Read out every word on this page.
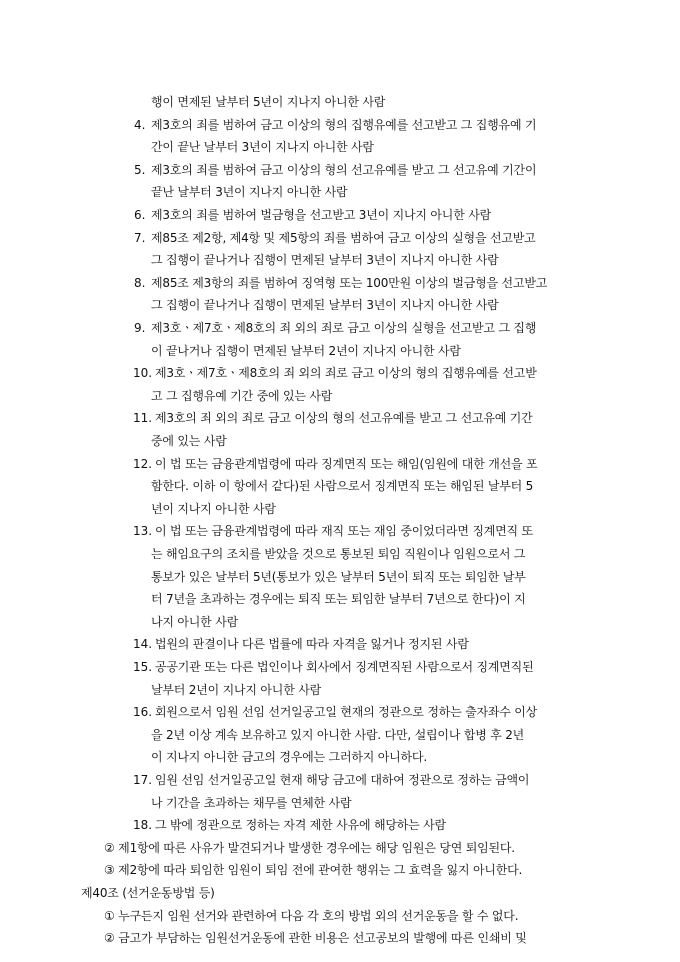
행이 면제된 날부터 5년이 지나지 아니한 사람
4. 제3호의 죄를 범하여 금고 이상의 형의 집행유예를 선고받고 그 집행유예 기
간이 끝난 날부터 3년이 지나지 아니한 사람
5. 제3호의 죄를 범하여 금고 이상의 형의 선고유예를 받고 그 선고유예 기간이
끝난 날부터 3년이 지나지 아니한 사람
6. 제3호의 죄를 범하여 벌금형을 선고받고 3년이 지나지 아니한 사람
7. 제85조 제2항, 제4항 및 제5항의 죄를 범하여 금고 이상의 실형을 선고받고
그 집행이 끝나거나 집행이 면제된 날부터 3년이 지나지 아니한 사람
8. 제85조 제3항의 죄를 범하여 징역형 또는 100만원 이상의 벌금형을 선고받고
그 집행이 끝나거나 집행이 면제된 날부터 3년이 지나지 아니한 사람
9. 제3호ㆍ제7호ㆍ제8호의 죄 외의 죄로 금고 이상의 실형을 선고받고 그 집행
이 끝나거나 집행이 면제된 날부터 2년이 지나지 아니한 사람
10. 제3호ㆍ제7호ㆍ제8호의 죄 외의 죄로 금고 이상의 형의 집행유예를 선고받
고 그 집행유예 기간 중에 있는 사람
11. 제3호의 죄 외의 죄로 금고 이상의 형의 선고유예를 받고 그 선고유예 기간
중에 있는 사람
12. 이 법 또는 금융관계법령에 따라 징계면직 또는 해임(임원에 대한 개선을 포
함한다. 이하 이 항에서 같다)된 사람으로서 징계면직 또는 해임된 날부터 5
년이 지나지 아니한 사람
13. 이 법 또는 금융관계법령에 따라 재직 또는 재임 중이었더라면 징계면직 또
는 해임요구의 조치를 받았을 것으로 통보된 퇴임 직원이나 임원으로서 그
통보가 있은 날부터 5년(통보가 있은 날부터 5년이 퇴직 또는 퇴임한 날부
터 7년을 초과하는 경우에는 퇴직 또는 퇴임한 날부터 7년으로 한다)이 지
나지 아니한 사람
14. 법원의 판결이나 다른 법률에 따라 자격을 잃거나 정지된 사람
15. 공공기관 또는 다른 법인이나 회사에서 징계면직된 사람으로서 징계면직된
날부터 2년이 지나지 아니한 사람
16. 회원으로서 임원 선임 선거일공고일 현재의 정관으로 정하는 출자좌수 이상
을 2년 이상 계속 보유하고 있지 아니한 사람. 다만, 설립이나 합병 후 2년
이 지나지 아니한 금고의 경우에는 그러하지 아니하다.
17. 임원 선임 선거일공고일 현재 해당 금고에 대하여 정관으로 정하는 금액이
나 기간을 초과하는 채무를 연체한 사람
18. 그 밖에 정관으로 정하는 자격 제한 사유에 해당하는 사람
② 제1항에 따른 사유가 발견되거나 발생한 경우에는 해당 임원은 당연 퇴임된다.
③ 제2항에 따라 퇴임한 임원이 퇴임 전에 관여한 행위는 그 효력을 잃지 아니한다.
제40조 (선거운동방법 등)
① 누구든지 임원 선거와 관련하여 다음 각 호의 방법 외의 선거운동을 할 수 없다.
② 금고가 부담하는 임원선거운동에 관한 비용은 선고공보의 발행에 따른 인쇄비 및
